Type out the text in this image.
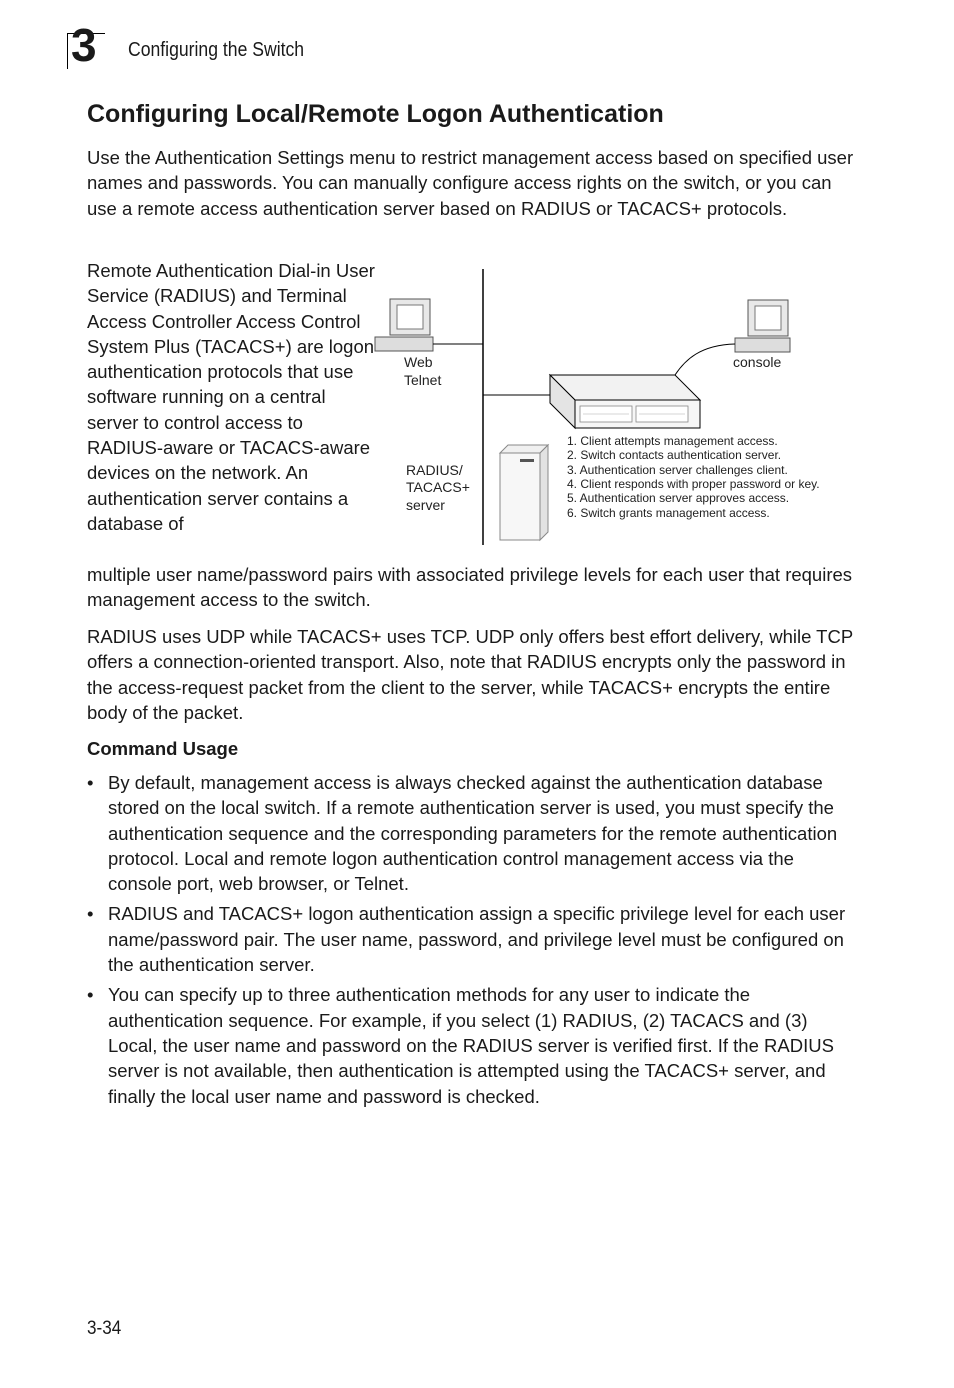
3 Configuring the Switch
Configuring Local/Remote Logon Authentication

Use the Authentication Settings menu to restrict management access based on specified user names and passwords. You can manually configure access rights on the switch, or you can use a remote access authentication server based on RADIUS or TACACS+ protocols.

Remote Authentication Dial-in User Service (RADIUS) and Terminal Access Controller Access Control System Plus (TACACS+) are logon authentication protocols that use software running on a central server to control access to RADIUS-aware or TACACS-aware devices on the network. An authentication server contains a database of
Web
Telnet
console
RADIUS/
TACACS+
server
1. Client attempts management access.
2. Switch contacts authentication server.
3. Authentication server challenges client.
4. Client responds with proper password or key.
5. Authentication server approves access.
6. Switch grants management access.

multiple user name/password pairs with associated privilege levels for each user that requires management access to the switch.

RADIUS uses UDP while TACACS+ uses TCP. UDP only offers best effort delivery, while TCP offers a connection-oriented transport. Also, note that RADIUS encrypts only the password in the access-request packet from the client to the server, while TACACS+ encrypts the entire body of the packet.

Command Usage
• By default, management access is always checked against the authentication database stored on the local switch. If a remote authentication server is used, you must specify the authentication sequence and the corresponding parameters for the remote authentication protocol. Local and remote logon authentication control management access via the console port, web browser, or Telnet.
• RADIUS and TACACS+ logon authentication assign a specific privilege level for each user name/password pair. The user name, password, and privilege level must be configured on the authentication server.
• You can specify up to three authentication methods for any user to indicate the authentication sequence. For example, if you select (1) RADIUS, (2) TACACS and (3) Local, the user name and password on the RADIUS server is verified first. If the RADIUS server is not available, then authentication is attempted using the TACACS+ server, and finally the local user name and password is checked.
3-34
